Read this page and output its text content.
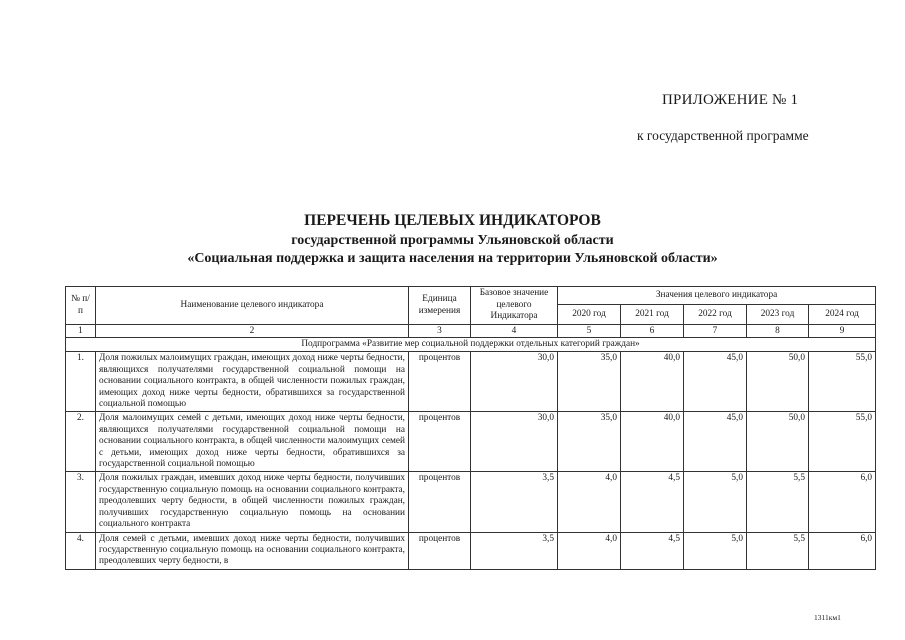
ПРИЛОЖЕНИЕ № 1
к государственной программе
ПЕРЕЧЕНЬ ЦЕЛЕВЫХ ИНДИКАТОРОВ
государственной программы Ульяновской области
«Социальная поддержка и защита населения на территории Ульяновской области»
№ п/п	Наименование целевого индикатора	Единица измерения	Базовое значение целевого Индикатора	Значения целевого индикатора				
				2020 год	2021 год	2022 год	2023 год	2024 год
1	2	3	4	5	6	7	8	9
Подпрограмма «Развитие мер социальной поддержки отдельных категорий граждан»								
1.	Доля пожилых малоимущих граждан, имеющих доход ниже черты бедности, являющихся получателями государственной социальной помощи на основании социального контракта, в общей численности пожилых граждан, имеющих доход ниже черты бедности, обратившихся за государственной социальной помощью	процентов	30,0	35,0	40,0	45,0	50,0	55,0
2.	Доля малоимущих семей с детьми, имеющих доход ниже черты бедности, являющихся получателями государственной социальной помощи на основании социального контракта, в общей численности малоимущих семей с детьми, имеющих доход ниже черты бедности, обратившихся за государственной социальной помощью	процентов	30,0	35,0	40,0	45,0	50,0	55,0
3.	Доля пожилых граждан, имевших доход ниже черты бедности, получивших государственную социальную помощь на основании социального контракта, преодолевших черту бедности, в общей численности пожилых граждан, получивших государственную социальную помощь на основании социального контракта	процентов	3,5	4,0	4,5	5,0	5,5	6,0
4.	Доля семей с детьми, имевших доход ниже черты бедности, получивших государственную социальную помощь на основании социального контракта, преодолевших черту бедности, в	процентов	3,5	4,0	4,5	5,0	5,5	6,0
1311км1
